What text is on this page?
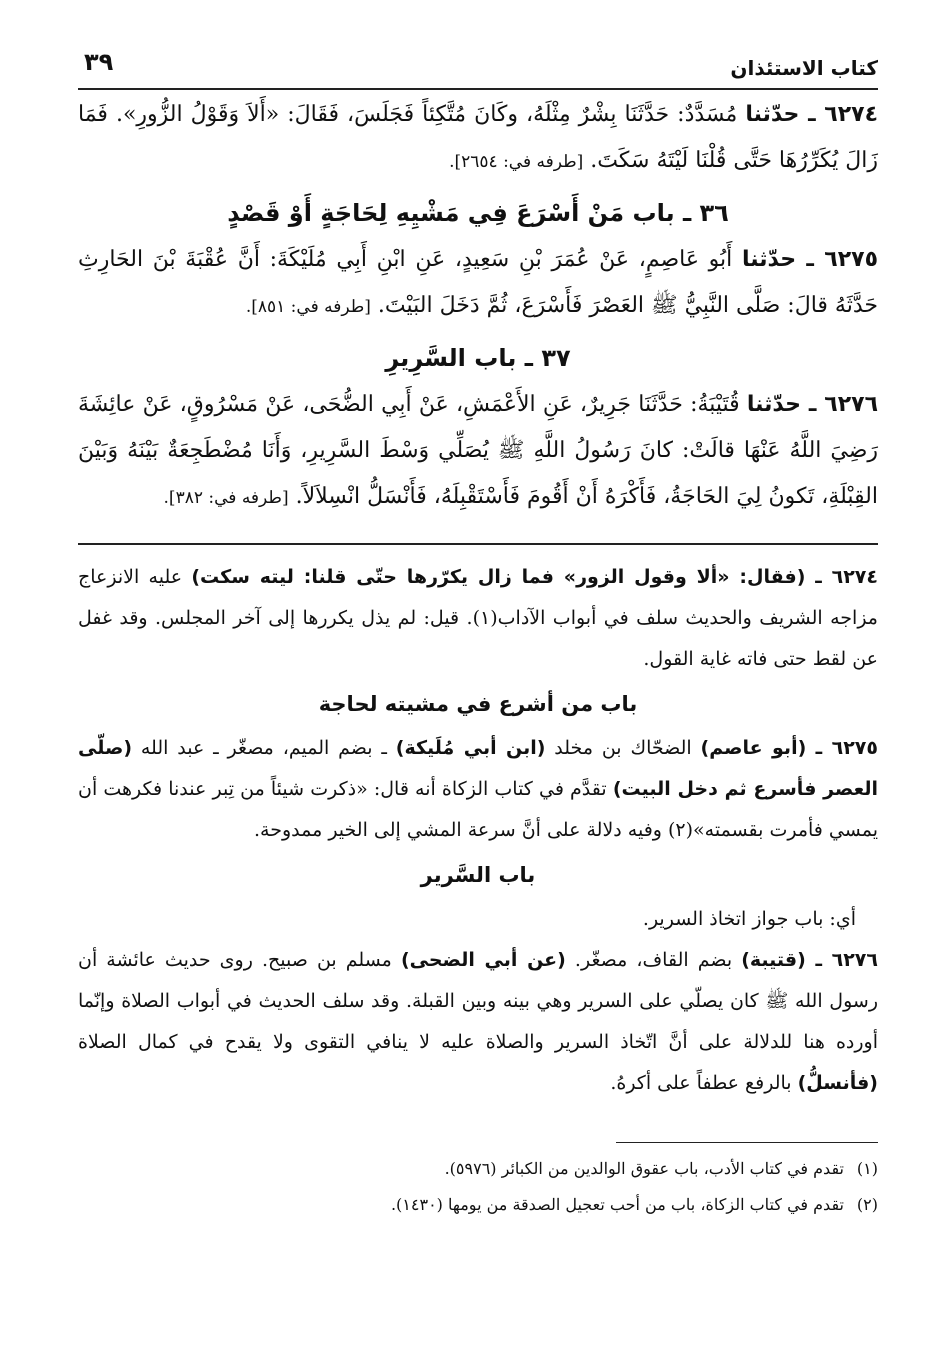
كتاب الاستئذان
٣٩

٦٢٧٤ ـ حدّثنا مُسَدَّدٌ: حَدَّثَنَا بِشْرٌ مِثْلَهُ، وكَانَ مُتَّكِئاً فَجَلَسَ، فَقَالَ: «أَلاَ وَقَوْلُ الزُّورِ». فَمَا زَالَ يُكَرِّرُهَا حَتَّى قُلْنَا لَيْتَهُ سَكَتَ. [طرفه في: ٢٦٥٤].

٣٦ ـ باب مَنْ أَسْرَعَ فِي مَشْيِهِ لِحَاجَةٍ أَوْ قَصْدٍ

٦٢٧٥ ـ حدّثنا أَبُو عَاصِمٍ، عَنْ عُمَرَ بْنِ سَعِيدٍ، عَنِ ابْنِ أَبِي مُلَيْكَةَ: أَنَّ عُقْبَةَ بْنَ الحَارِثِ حَدَّثَهُ قالَ: صَلَّى النَّبِيُّ ﷺ العَصْرَ فَأَسْرَعَ، ثُمَّ دَخَلَ البَيْتَ. [طرفه في: ٨٥١].

٣٧ ـ باب السَّرِيرِ

٦٢٧٦ ـ حدّثنا قُتَيْبَةُ: حَدَّثَنَا جَرِيرٌ، عَنِ الأَعْمَشِ، عَنْ أَبِي الضُّحَى، عَنْ مَسْرُوقٍ، عَنْ عائِشَةَ رَضِيَ اللَّهُ عَنْهَا قالَتْ: كانَ رَسُولُ اللَّهِ ﷺ يُصَلِّي وَسْطَ السَّرِيرِ، وَأَنَا مُضْطَجِعَةٌ بَيْنَهُ وَبَيْنَ القِبْلَةِ، تَكونُ لِيَ الحَاجَةُ، فَأَكْرَهُ أَنْ أَقُومَ فَأَسْتَقْبِلَهُ، فَأَنْسَلُّ انْسِلاَلاً. [طرفه في: ٣٨٢].

٦٢٧٤ ـ (فقال: «ألا وقول الزور» فما زال يكرّرها حتّى قلنا: ليته سكت) عليه الانزعاج مزاجه الشريف والحديث سلف في أبواب الآداب(١). قيل: لم يذل يكررها إلى آخر المجلس. وقد غفل عن لقط حتى فاته غاية القول.

باب من أشرع في مشيته لحاجة

٦٢٧٥ ـ (أبو عاصم) الضحّاك بن مخلد (ابن أبي مُلَيكة) ـ بضم الميم، مصغّر ـ عبد الله (صلّى العصر فأسرع ثم دخل البيت) تقدَّم في كتاب الزكاة أنه قال: «ذكرت شيئاً من تِبر عندنا فكرهت أن يمسي فأمرت بقسمته»(٢) وفيه دلالة على أنَّ سرعة المشي إلى الخير ممدوحة.

باب السَّرير

أي: باب جواز اتخاذ السرير.

٦٢٧٦ ـ (قتيبة) بضم القاف، مصغّر. (عن أبي الضحى) مسلم بن صبيح. روى حديث عائشة أن رسول الله ﷺ كان يصلّي على السرير وهي بينه وبين القبلة. وقد سلف الحديث في أبواب الصلاة وإنّما أورده هنا للدلالة على أنَّ اتّخاذ السرير والصلاة عليه لا ينافي التقوى ولا يقدح في كمال الصلاة (فأنسلُّ) بالرفع عطفاً على أكرهُ.

(١)تقدم في كتاب الأدب، باب عقوق الوالدين من الكبائر (٥٩٧٦).

(٢)تقدم في كتاب الزكاة، باب من أحب تعجيل الصدقة من يومها (١٤٣٠).
